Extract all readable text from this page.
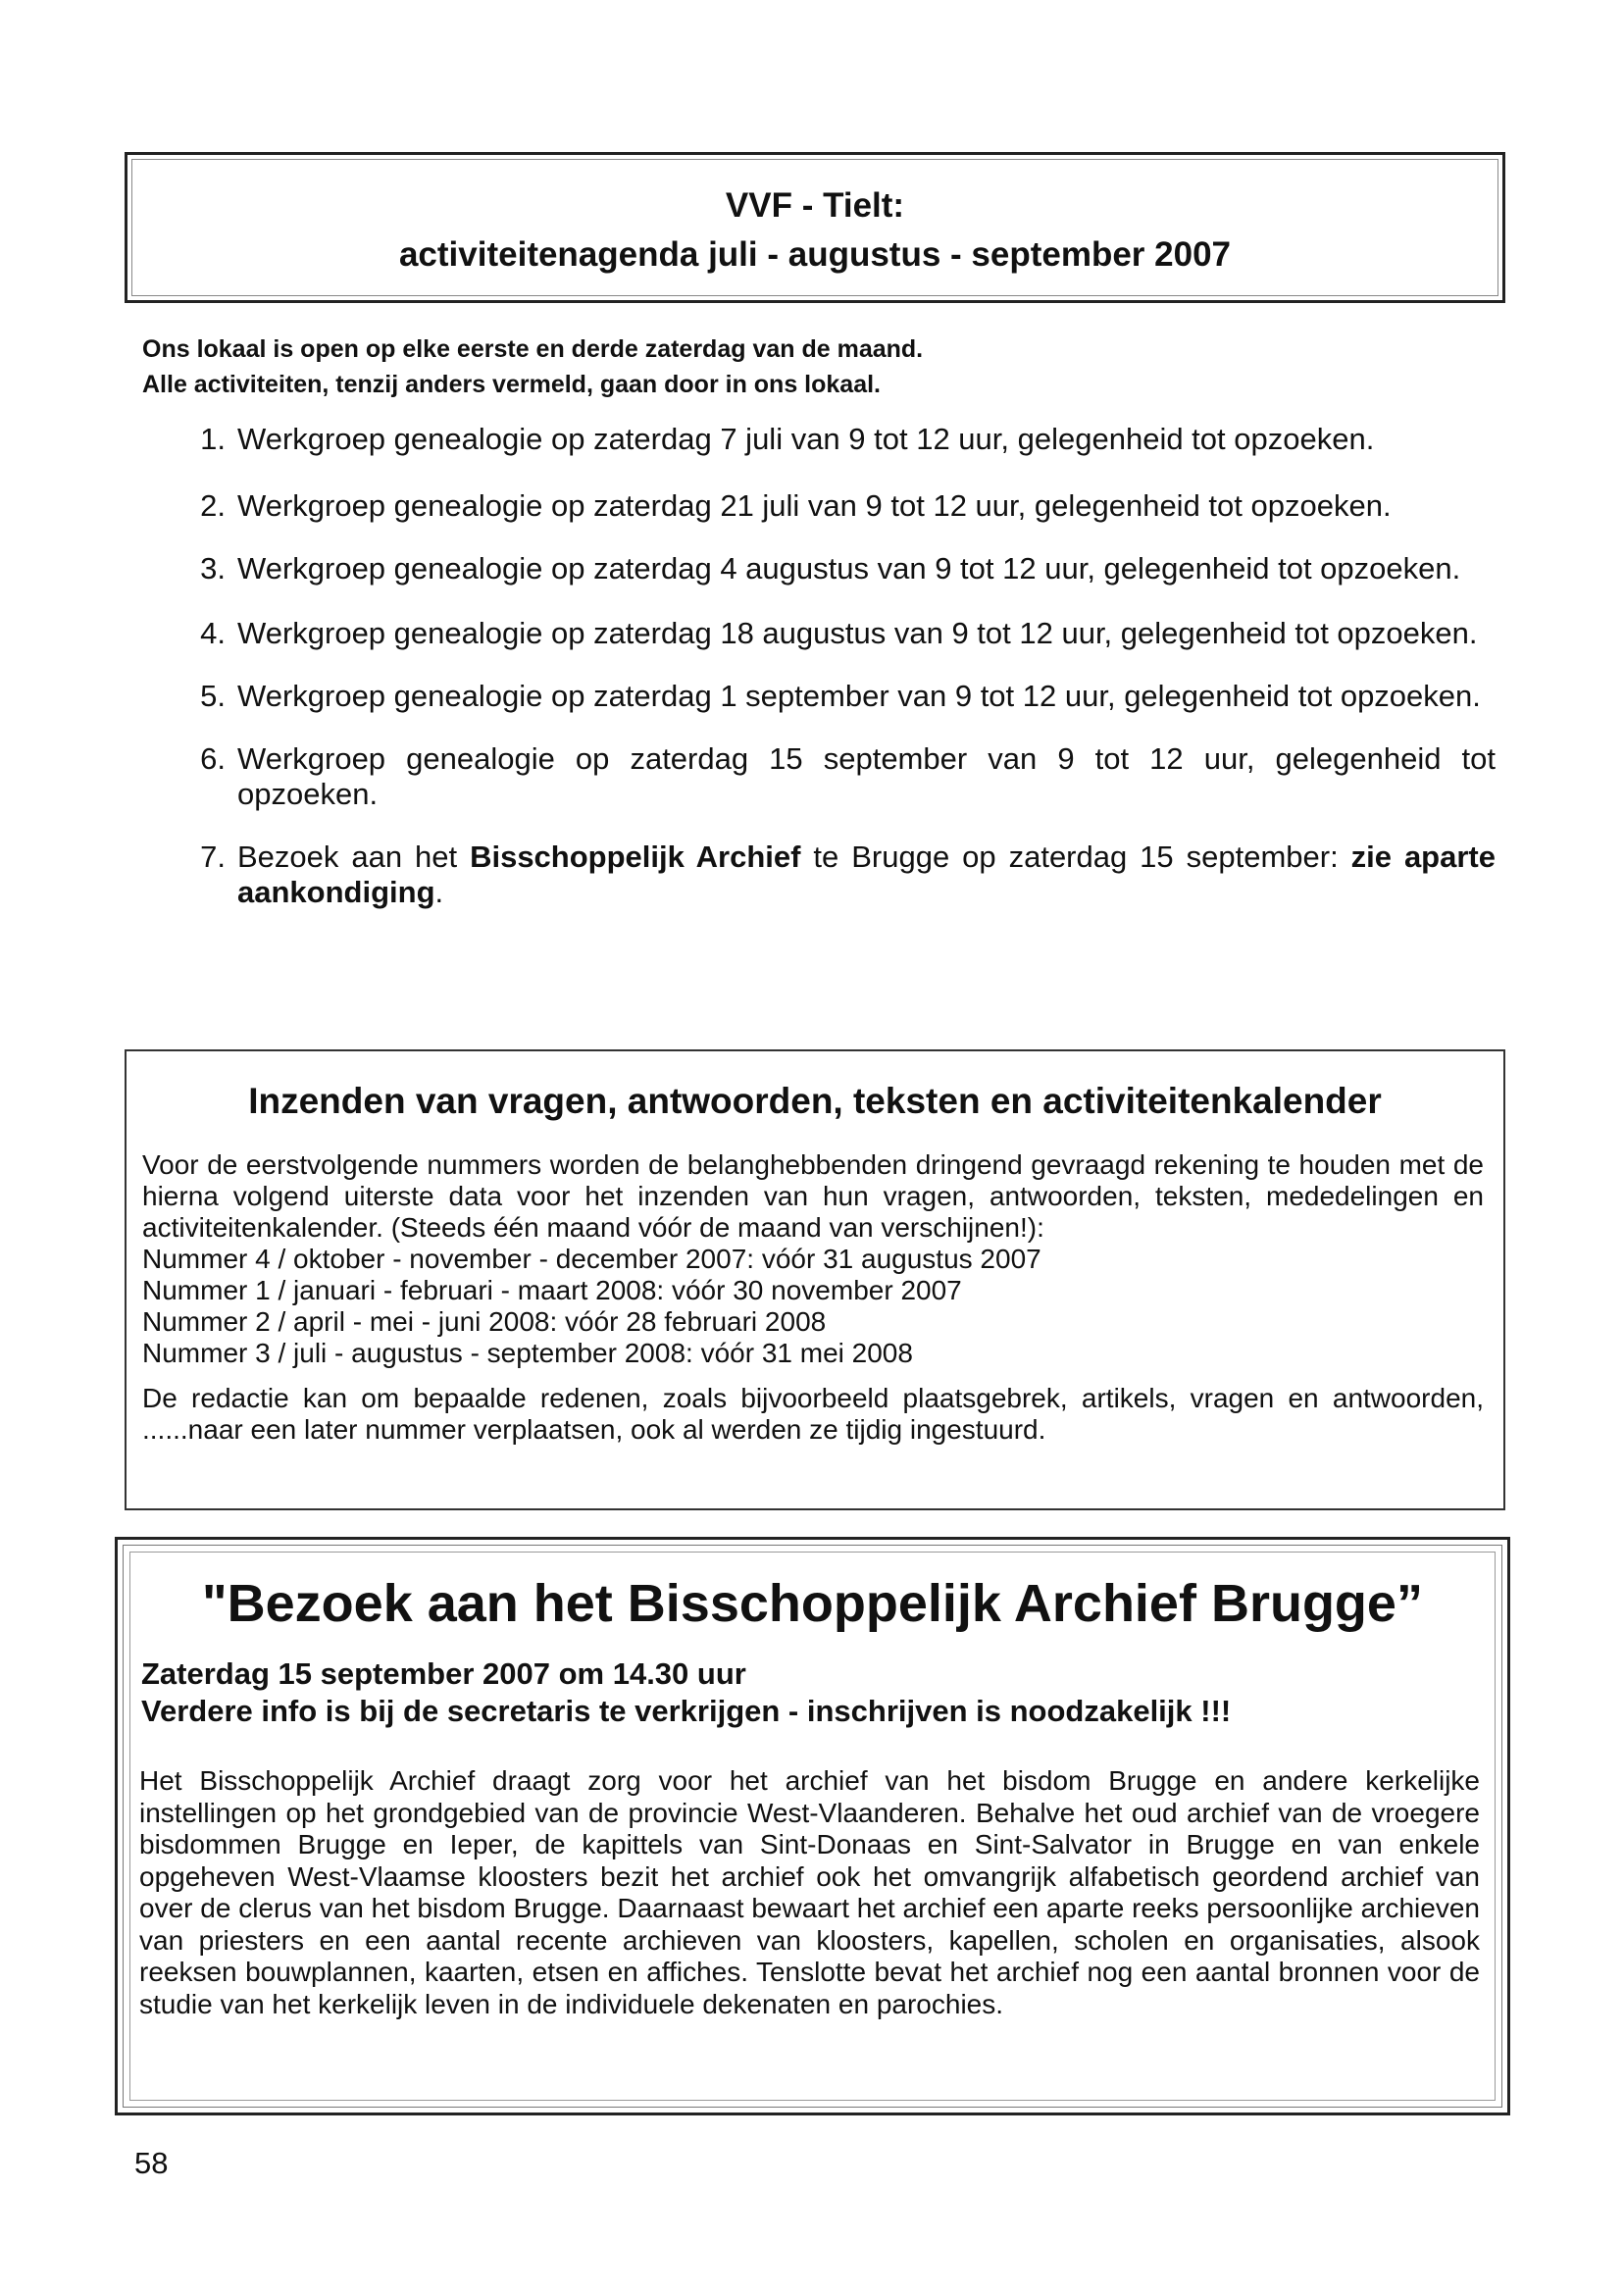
VVF - Tielt:
activiteitenagenda juli - augustus - september 2007
Ons lokaal is open op elke eerste en derde zaterdag van de maand.
Alle activiteiten, tenzij anders vermeld, gaan door in ons lokaal.
1. Werkgroep genealogie op zaterdag 7 juli van 9 tot 12 uur, gelegenheid tot opzoeken.
2. Werkgroep genealogie op zaterdag 21 juli van 9 tot 12 uur, gelegenheid tot opzoeken.
3. Werkgroep genealogie op zaterdag 4 augustus van 9 tot 12 uur, gelegenheid tot opzoeken.
4. Werkgroep genealogie op zaterdag 18 augustus van 9 tot 12 uur, gelegenheid tot opzoeken.
5. Werkgroep genealogie op zaterdag 1 september van 9 tot 12 uur, gelegenheid tot opzoeken.
6. Werkgroep genealogie op zaterdag 15 september van 9 tot 12 uur, gelegenheid tot opzoeken.
7. Bezoek aan het Bisschoppelijk Archief te Brugge op zaterdag 15 september: zie aparte aankondiging.
Inzenden van vragen, antwoorden, teksten en activiteitenkalender
Voor de eerstvolgende nummers worden de belanghebbenden dringend gevraagd rekening te houden met de hierna volgend uiterste data voor het inzenden van hun vragen, antwoorden, teksten, mededelingen en activiteitenkalender. (Steeds één maand vóór de maand van verschijnen!):
Nummer 4 / oktober - november - december 2007: vóór 31 augustus 2007
Nummer 1 / januari - februari - maart 2008: vóór 30 november 2007
Nummer 2 / april - mei - juni 2008: vóór 28 februari 2008
Nummer 3 / juli - augustus - september 2008: vóór 31 mei 2008
De redactie kan om bepaalde redenen, zoals bijvoorbeeld plaatsgebrek, artikels, vragen en antwoorden, ......naar een later nummer verplaatsen, ook al werden ze tijdig ingestuurd.
"Bezoek aan het Bisschoppelijk Archief Brugge”
Zaterdag 15 september 2007 om 14.30 uur
Verdere info is bij de secretaris te verkrijgen - inschrijven is noodzakelijk !!!
Het Bisschoppelijk Archief draagt zorg voor het archief van het bisdom Brugge en andere kerkelijke instellingen op het grondgebied van de provincie West-Vlaanderen. Behalve het oud archief van de vroegere bisdommen Brugge en Ieper, de kapittels van Sint-Donaas en Sint-Salvator in Brugge en van enkele opgeheven West-Vlaamse kloosters bezit het archief ook het omvangrijk alfabetisch geordend archief van over de clerus van het bisdom Brugge. Daarnaast bewaart het archief een aparte reeks persoonlijke archieven van priesters en een aantal recente archieven van kloosters, kapellen, scholen en organisaties, alsook reeksen bouwplannen, kaarten, etsen en affiches. Tenslotte bevat het archief nog een aantal bronnen voor de studie van het kerkelijk leven in de individuele dekenaten en parochies.
58
